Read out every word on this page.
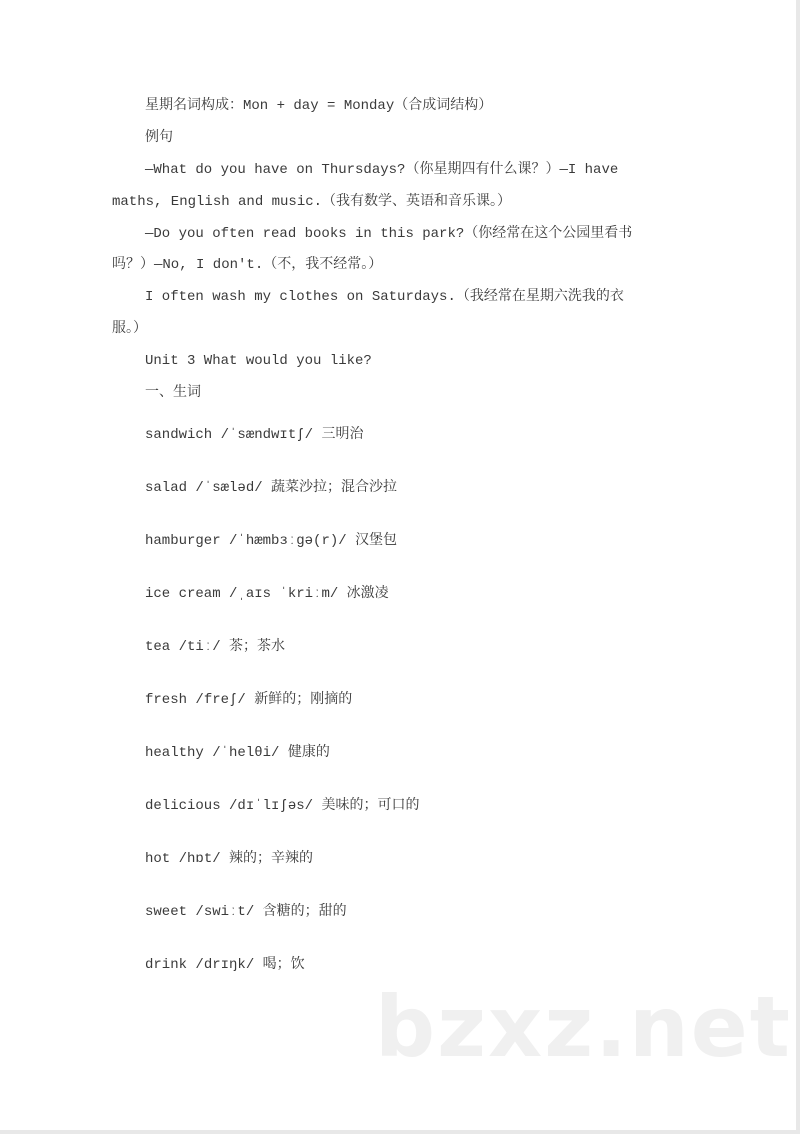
星期名词构成：Mon + day = Monday（合成词结构）
例句
—What do you have on Thursdays?（你星期四有什么课？）—I have
maths, English and music.（我有数学、英语和音乐课。）
—Do you often read books in this park?（你经常在这个公园里看书
吗？）—No, I don't.（不，我不经常。）
I often wash my clothes on Saturdays.（我经常在星期六洗我的衣
服。）
Unit 3 What would you like?
一、生词
sandwich /ˈsændwɪtʃ/ 三明治
salad /ˈsæləd/ 蔬菜沙拉；混合沙拉
hamburger /ˈhæmbɜːɡə(r)/ 汉堡包
ice cream /ˌaɪs ˈkriːm/ 冰激凌
tea /tiː/ 茶；茶水
fresh /freʃ/ 新鲜的；刚摘的
healthy /ˈhelθi/ 健康的
delicious /dɪˈlɪʃəs/ 美味的；可口的
hot /hɒt/ 辣的；辛辣的
sweet /swiːt/ 含糖的；甜的
drink /drɪŋk/ 喝；饮
bzxz.net
